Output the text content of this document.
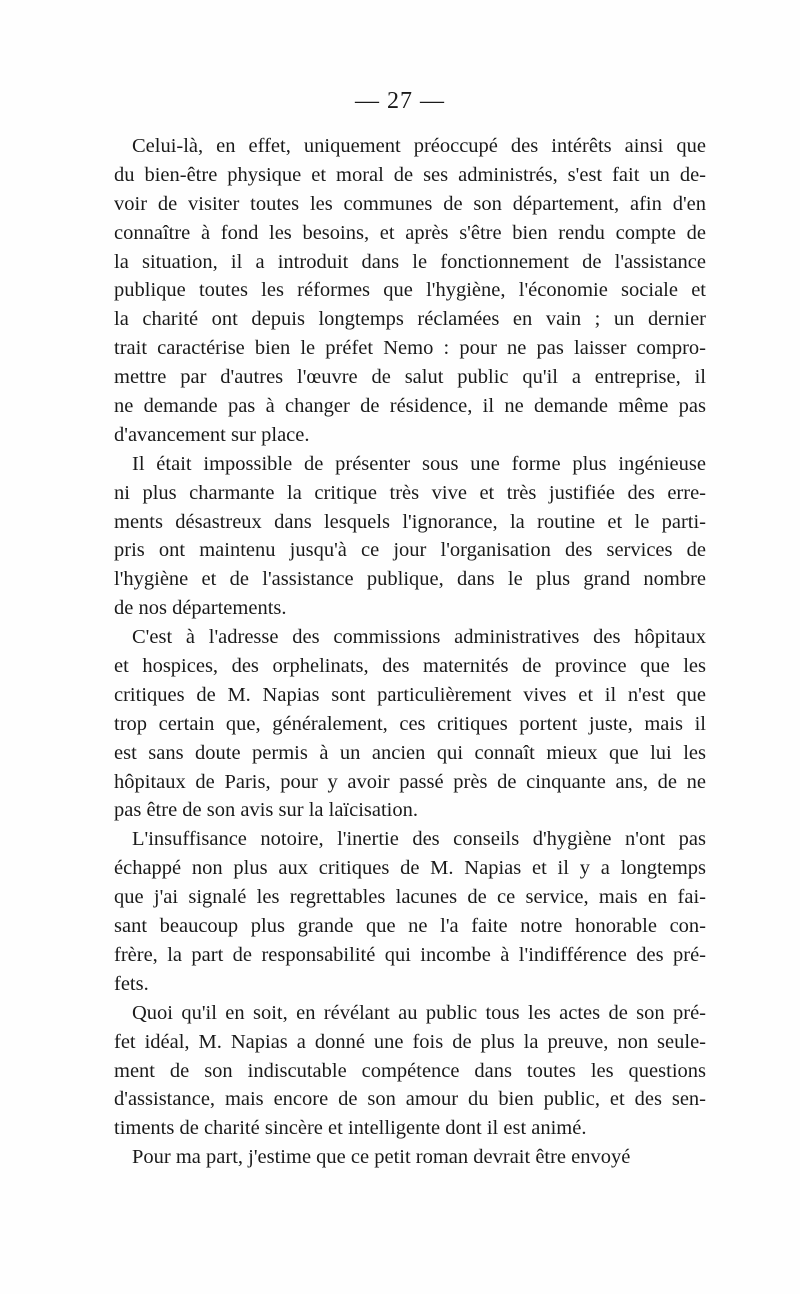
— 27 —
Celui-là, en effet, uniquement préoccupé des intérêts ainsi que
du bien-être physique et moral de ses administrés, s'est fait un de-
voir de visiter toutes les communes de son département, afin d'en
connaître à fond les besoins, et après s'être bien rendu compte de
la situation, il a introduit dans le fonctionnement de l'assistance
publique toutes les réformes que l'hygiène, l'économie sociale et
la charité ont depuis longtemps réclamées en vain ; un dernier
trait caractérise bien le préfet Nemo : pour ne pas laisser compro-
mettre par d'autres l'œuvre de salut public qu'il a entreprise, il
ne demande pas à changer de résidence, il ne demande même pas
d'avancement sur place.
Il était impossible de présenter sous une forme plus ingénieuse
ni plus charmante la critique très vive et très justifiée des erre-
ments désastreux dans lesquels l'ignorance, la routine et le parti-
pris ont maintenu jusqu'à ce jour l'organisation des services de
l'hygiène et de l'assistance publique, dans le plus grand nombre
de nos départements.
C'est à l'adresse des commissions administratives des hôpitaux
et hospices, des orphelinats, des maternités de province que les
critiques de M. Napias sont particulièrement vives et il n'est que
trop certain que, généralement, ces critiques portent juste, mais il
est sans doute permis à un ancien qui connaît mieux que lui les
hôpitaux de Paris, pour y avoir passé près de cinquante ans, de ne
pas être de son avis sur la laïcisation.
L'insuffisance notoire, l'inertie des conseils d'hygiène n'ont pas
échappé non plus aux critiques de M. Napias et il y a longtemps
que j'ai signalé les regrettables lacunes de ce service, mais en fai-
sant beaucoup plus grande que ne l'a faite notre honorable con-
frère, la part de responsabilité qui incombe à l'indifférence des pré-
fets.
Quoi qu'il en soit, en révélant au public tous les actes de son pré-
fet idéal, M. Napias a donné une fois de plus la preuve, non seule-
ment de son indiscutable compétence dans toutes les questions
d'assistance, mais encore de son amour du bien public, et des sen-
timents de charité sincère et intelligente dont il est animé.
Pour ma part, j'estime que ce petit roman devrait être envoyé
